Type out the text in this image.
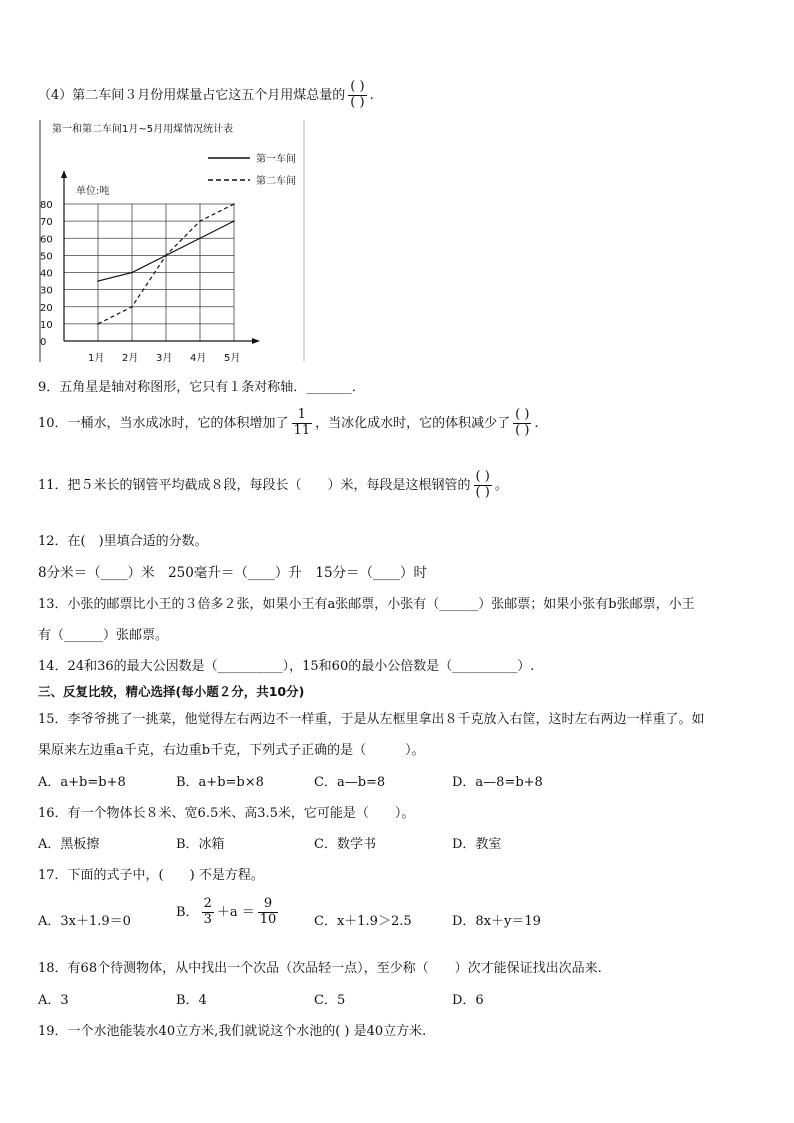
（4）第二车间３月份用煤量占它这五个月用煤总量的 $\frac{( )}{( )}$ .
第一和第二车间1月~5月用煤情况统计表
单位:吨
0
10
20
30
40
50
60
70
80
1月 2月 3月 4月 5月
第一车间
第二车间
9．五角星是轴对称图形，它只有１条对称轴．_______．
10．一桶水，当水成冰时，它的体积增加了 $\frac{1}{11}$ ，当冰化成水时，它的体积减少了 $\frac{( )}{( )}$ .
11．把５米长的钢管平均截成８段，每段长（　　）米，每段是这根钢管的 $\frac{( )}{( )}$ 。
12．在(　)里填合适的分数。
8分米＝（____）米　250毫升＝（____）升　15分＝（____）时
13．小张的邮票比小王的３倍多２张，如果小王有a张邮票，小张有（______）张邮票；如果小张有b张邮票，小王
有（______）张邮票。
14．24和36的最大公因数是（__________），15和60的最小公倍数是（__________）.
三、反复比较，精心选择(每小题２分，共10分)
15．李爷爷挑了一挑菜，他觉得左右两边不一样重，于是从左框里拿出８千克放入右筐，这时左右两边一样重了。如
果原来左边重a千克，右边重b千克，下列式子正确的是（　　　）。
A．a+b=b+8	B．a+b=b×8	C．a—b=8	D．a—8=b+8
16．有一个物体长８米、宽6.5米、高3.5米，它可能是（　　）。
A．黑板擦	B．冰箱	C．数学书	D．教室
17．下面的式子中，(　　) 不是方程。
A．3x＋1.9＝0
B． $\frac{2}{3} +a = \frac{9}{10}$	C．x＋1.9＞2.5	D．8x＋y＝19
18．有68个待测物体，从中找出一个次品（次品轻一点），至少称（　　）次才能保证找出次品来.
A．3	B．4	C．5	D．6
19．一个水池能装水40立方米,我们就说这个水池的( ) 是40立方米.
